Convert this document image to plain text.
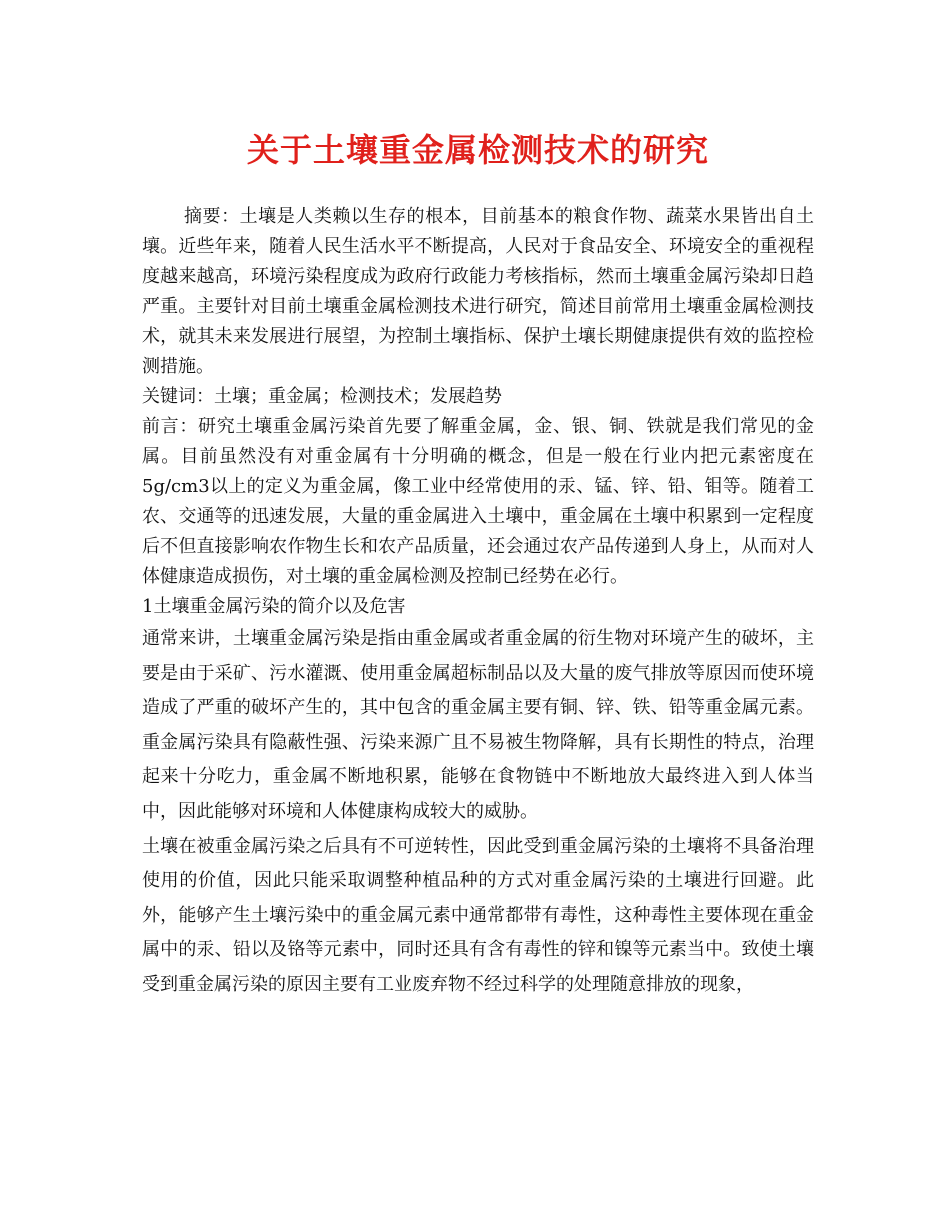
关于土壤重金属检测技术的研究

摘要：土壤是人类赖以生存的根本，目前基本的粮食作物、蔬菜水果皆出自土壤。近些年来，随着人民生活水平不断提高，人民对于食品安全、环境安全的重视程度越来越高，环境污染程度成为政府行政能力考核指标，然而土壤重金属污染却日趋严重。主要针对目前土壤重金属检测技术进行研究，简述目前常用土壤重金属检测技术，就其未来发展进行展望，为控制土壤指标、保护土壤长期健康提供有效的监控检测措施。

关键词：土壤；重金属；检测技术；发展趋势

前言：研究土壤重金属污染首先要了解重金属，金、银、铜、铁就是我们常见的金属。目前虽然没有对重金属有十分明确的概念，但是一般在行业内把元素密度在5g/cm3以上的定义为重金属，像工业中经常使用的汞、锰、锌、铅、钼等。随着工农、交通等的迅速发展，大量的重金属进入土壤中，重金属在土壤中积累到一定程度后不但直接影响农作物生长和农产品质量，还会通过农产品传递到人身上，从而对人体健康造成损伤，对土壤的重金属检测及控制已经势在必行。

1土壤重金属污染的简介以及危害

通常来讲，土壤重金属污染是指由重金属或者重金属的衍生物对环境产生的破坏，主要是由于采矿、污水灌溉、使用重金属超标制品以及大量的废气排放等原因而使环境造成了严重的破坏产生的，其中包含的重金属主要有铜、锌、铁、铅等重金属元素。重金属污染具有隐蔽性强、污染来源广且不易被生物降解，具有长期性的特点，治理起来十分吃力，重金属不断地积累，能够在食物链中不断地放大最终进入到人体当中，因此能够对环境和人体健康构成较大的威胁。

土壤在被重金属污染之后具有不可逆转性，因此受到重金属污染的土壤将不具备治理使用的价值，因此只能采取调整种植品种的方式对重金属污染的土壤进行回避。此外，能够产生土壤污染中的重金属元素中通常都带有毒性，这种毒性主要体现在重金属中的汞、铅以及铬等元素中，同时还具有含有毒性的锌和镍等元素当中。致使土壤受到重金属污染的原因主要有工业废弃物不经过科学的处理随意排放的现象，
